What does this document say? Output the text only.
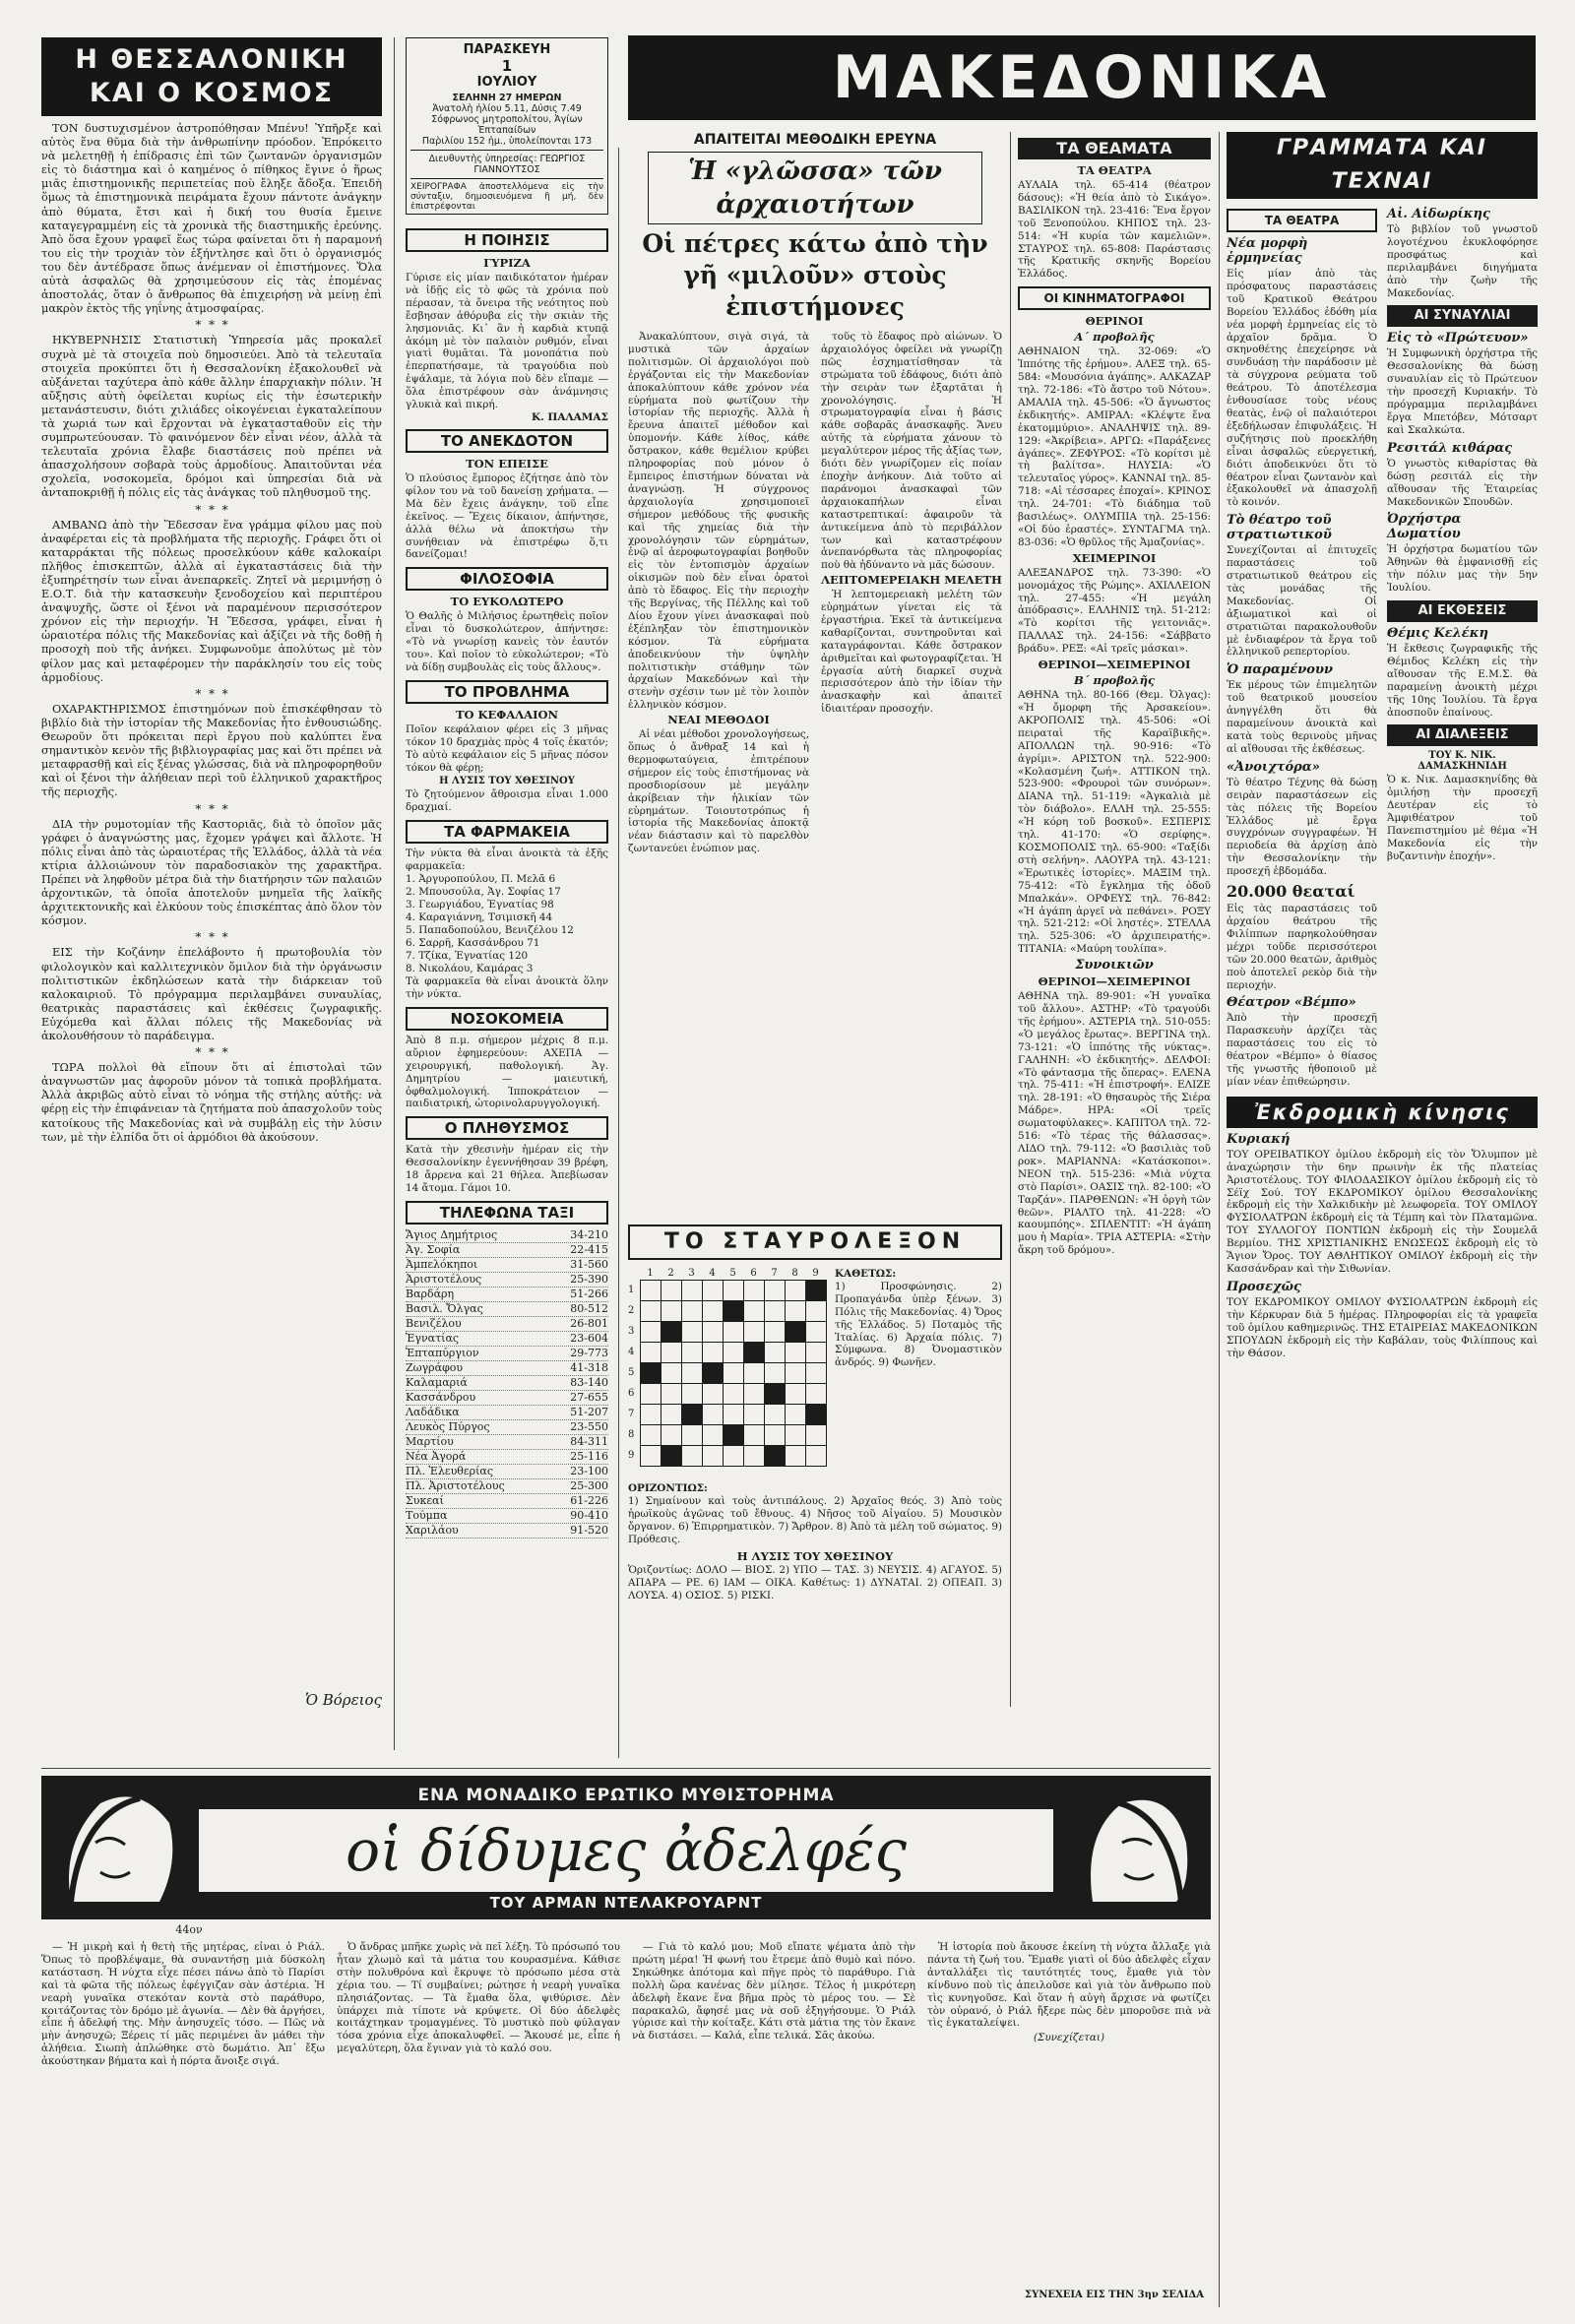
Η ΘΕΣΣΑΛΟΝΙΚΗ ΚΑΙ Ο ΚΟΣΜΟΣ

ΤΟΝ δυστυχισμένον ἀστροπόθησαν Μπένυ! Ὑπῆρξε καὶ αὐτὸς ἕνα θῦμα διὰ τὴν ἀνθρωπίνην πρόοδον. Ἐπρόκειτο νὰ μελετηθῇ ἡ ἐπίδρασις ἐπὶ τῶν ζωντανῶν ὀργανισμῶν εἰς τὸ διάστημα καὶ ὁ καημένος ὁ πίθηκος ἔγινε ὁ ἥρως μιᾶς ἐπιστημονικῆς περιπετείας ποὺ ἔληξε ἄδοξα. Ἐπειδὴ ὅμως τὰ ἐπιστημονικὰ πειράματα ἔχουν πάντοτε ἀνάγκην ἀπὸ θύματα, ἔτσι καὶ ἡ δική του θυσία ἔμεινε καταγεγραμμένη εἰς τὰ χρονικὰ τῆς διαστημικῆς ἐρεύνης. Ἀπὸ ὅσα ἔχουν γραφεῖ ἕως τώρα φαίνεται ὅτι ἡ παραμονή του εἰς τὴν τροχιὰν τὸν ἐξήντλησε καὶ ὅτι ὁ ὀργανισμός του δὲν ἀντέδρασε ὅπως ἀνέμεναν οἱ ἐπιστήμονες. Ὅλα αὐτὰ ἀσφαλῶς θὰ χρησιμεύσουν εἰς τὰς ἑπομένας ἀποστολάς, ὅταν ὁ ἄνθρωπος θὰ ἐπιχειρήσῃ νὰ μείνῃ ἐπὶ μακρὸν ἐκτὸς τῆς γηΐνης ἀτμοσφαίρας.

*  *  *

ΗΚΥΒΕΡΝΗΣΙΣ Στατιστικὴ Ὑπηρεσία μᾶς προκαλεῖ συχνὰ μὲ τὰ στοιχεῖα ποὺ δημοσιεύει. Ἀπὸ τὰ τελευταῖα στοιχεῖα προκύπτει ὅτι ἡ Θεσσαλονίκη ἐξακολουθεῖ νὰ αὐξάνεται ταχύτερα ἀπὸ κάθε ἄλλην ἐπαρχιακὴν πόλιν. Ἡ αὔξησις αὐτὴ ὀφείλεται κυρίως εἰς τὴν ἐσωτερικὴν μετανάστευσιν, διότι χιλιάδες οἰκογένειαι ἐγκαταλείπουν τὰ χωριά των καὶ ἔρχονται νὰ ἐγκατασταθοῦν εἰς τὴν συμπρωτεύουσαν. Τὸ φαινόμενον δὲν εἶναι νέον, ἀλλὰ τὰ τελευταῖα χρόνια ἔλαβε διαστάσεις ποὺ πρέπει νὰ ἀπασχολήσουν σοβαρὰ τοὺς ἁρμοδίους. Ἀπαιτοῦνται νέα σχολεῖα, νοσοκομεῖα, δρόμοι καὶ ὑπηρεσίαι διὰ νὰ ἀνταποκριθῇ ἡ πόλις εἰς τὰς ἀνάγκας τοῦ πληθυσμοῦ της.

*  *  *

ΑΜΒΑΝΩ ἀπὸ τὴν Ἕδεσσαν ἕνα γράμμα φίλου μας ποὺ ἀναφέρεται εἰς τὰ προβλήματα τῆς περιοχῆς. Γράφει ὅτι οἱ καταρράκται τῆς πόλεως προσελκύουν κάθε καλοκαίρι πλῆθος ἐπισκεπτῶν, ἀλλὰ αἱ ἐγκαταστάσεις διὰ τὴν ἐξυπηρέτησίν των εἶναι ἀνεπαρκεῖς. Ζητεῖ νὰ μεριμνήσῃ ὁ Ε.Ο.Τ. διὰ τὴν κατασκευὴν ξενοδοχείου καὶ περιπτέρου ἀναψυχῆς, ὥστε οἱ ξένοι νὰ παραμένουν περισσότερον χρόνον εἰς τὴν περιοχήν. Ἡ Ἕδεσσα, γράφει, εἶναι ἡ ὡραιοτέρα πόλις τῆς Μακεδονίας καὶ ἀξίζει νὰ τῆς δοθῇ ἡ προσοχὴ ποὺ τῆς ἀνήκει. Συμφωνοῦμε ἀπολύτως μὲ τὸν φίλον μας καὶ μεταφέρομεν τὴν παράκλησίν του εἰς τοὺς ἁρμοδίους.

*  *  *

ΟΧΑΡΑΚΤΗΡΙΣΜΟΣ ἐπιστημόνων ποὺ ἐπισκέφθησαν τὸ βιβλίο διὰ τὴν ἱστορίαν τῆς Μακεδονίας ἦτο ἐνθουσιώδης. Θεωροῦν ὅτι πρόκειται περὶ ἔργου ποὺ καλύπτει ἕνα σημαντικὸν κενὸν τῆς βιβλιογραφίας μας καὶ ὅτι πρέπει νὰ μεταφρασθῇ καὶ εἰς ξένας γλώσσας, διὰ νὰ πληροφορηθοῦν καὶ οἱ ξένοι τὴν ἀλήθειαν περὶ τοῦ ἑλληνικοῦ χαρακτῆρος τῆς περιοχῆς.

*  *  *

ΔΙΑ τὴν ρυμοτομίαν τῆς Καστοριᾶς, διὰ τὸ ὁποῖον μᾶς γράφει ὁ ἀναγνώστης μας, ἔχομεν γράψει καὶ ἄλλοτε. Ἡ πόλις εἶναι ἀπὸ τὰς ὡραιοτέρας τῆς Ἑλλάδος, ἀλλὰ τὰ νέα κτίρια ἀλλοιώνουν τὸν παραδοσιακὸν της χαρακτῆρα. Πρέπει νὰ ληφθοῦν μέτρα διὰ τὴν διατήρησιν τῶν παλαιῶν ἀρχοντικῶν, τὰ ὁποῖα ἀποτελοῦν μνημεῖα τῆς λαϊκῆς ἀρχιτεκτονικῆς καὶ ἐλκύουν τοὺς ἐπισκέπτας ἀπὸ ὅλον τὸν κόσμον.

*  *  *

ΕΙΣ τὴν Κοζάνην ἐπελάβοντο ἡ πρωτοβουλία τὸν φιλολογικὸν καὶ καλλιτεχνικὸν ὅμιλον διὰ τὴν ὀργάνωσιν πολιτιστικῶν ἐκδηλώσεων κατὰ τὴν διάρκειαν τοῦ καλοκαιριοῦ. Τὸ πρόγραμμα περιλαμβάνει συναυλίας, θεατρικὰς παραστάσεις καὶ ἐκθέσεις ζωγραφικῆς. Εὐχόμεθα καὶ ἄλλαι πόλεις τῆς Μακεδονίας νὰ ἀκολουθήσουν τὸ παράδειγμα.

*  *  *

ΤΩΡΑ πολλοὶ θὰ εἴπουν ὅτι αἱ ἐπιστολαὶ τῶν ἀναγνωστῶν μας ἀφοροῦν μόνον τὰ τοπικὰ προβλήματα. Ἀλλὰ ἀκριβῶς αὐτὸ εἶναι τὸ νόημα τῆς στήλης αὐτῆς: νὰ φέρῃ εἰς τὴν ἐπιφάνειαν τὰ ζητήματα ποὺ ἀπασχολοῦν τοὺς κατοίκους τῆς Μακεδονίας καὶ νὰ συμβάλῃ εἰς τὴν λύσιν των, μὲ τὴν ἐλπίδα ὅτι οἱ ἁρμόδιοι θὰ ἀκούσουν.

Ὁ Βόρειος
ΠΑΡΑΣΚΕΥΗ
1
ΙΟΥΛΙΟΥ
ΣΕΛΗΝΗ 27 ΗΜΕΡΩΝ
Ἀνατολὴ ἡλίου 5.11, Δύσις 7.49
Σόφρωνος μητροπολίτου, Ἀγίων Ἑπταπαίδων
Παρ̀ιλίου 152 ἡμ., ὑπολείπονται 173
Διευθυντὴς ὑπηρεσίας: ΓΕΩΡΓΙΟΣ ΓΙΑΝΝΟΥΤΣΟΣ
ΧΕΙΡΟΓΡΑΦΑ ἀποστελλόμενα εἰς τὴν σύνταξιν, δημοσιευόμενα ἢ μή, δὲν ἐπιστρέφονται
Η ΠΟΙΗΣΙΣ
ΓΥΡΙΖΑ
Γύρισε εἰς μίαν παιδικότατον ἡμέραν νὰ ἰδῇς εἰς τὸ φῶς τὰ χρόνια ποὺ πέρασαν, τὰ ὄνειρα τῆς νεότητος ποὺ ἔσβησαν ἀθόρυβα εἰς τὴν σκιὰν τῆς λησμονιᾶς. Κι᾿ ἂν ἡ καρδιὰ κτυπᾷ ἀκόμη μὲ τὸν παλαιὸν ρυθμόν, εἶναι γιατὶ θυμᾶται. Τὰ μονοπάτια ποὺ ἐπερπατήσαμε, τὰ τραγούδια ποὺ ἐψάλαμε, τὰ λόγια ποὺ δὲν εἴπαμε — ὅλα ἐπιστρέφουν σὰν ἀνάμνησις γλυκιὰ καὶ πικρή.
Κ. ΠΑΛΑΜΑΣ
ΤΟ ΑΝΕΚΔΟΤΟΝ
ΤΟΝ ΕΠΕΙΣΕ
Ὁ πλούσιος ἔμπορος ἐζήτησε ἀπὸ τὸν φίλον του νὰ τοῦ δανείσῃ χρήματα. — Μὰ δὲν ἔχεις ἀνάγκην, τοῦ εἶπε ἐκεῖνος. — Ἔχεις δίκαιον, ἀπήντησε, ἀλλὰ θέλω νὰ ἀποκτήσω τὴν συνήθειαν νὰ ἐπιστρέφω ὅ,τι δανείζομαι!
ΦΙΛΟΣΟΦΙΑ
ΤΟ ΕΥΚΟΛΩΤΕΡΟ
Ὁ Θαλῆς ὁ Μιλήσιος ἐρωτηθεὶς ποῖον εἶναι τὸ δυσκολώτερον, ἀπήντησε: «Τὸ νὰ γνωρίσῃ κανεὶς τὸν ἑαυτόν του». Καὶ ποῖον τὸ εὐκολώτερον; «Τὸ νὰ δίδῃ συμβουλὰς εἰς τοὺς ἄλλους».
ΤΟ ΠΡΟΒΛΗΜΑ
ΤΟ ΚΕΦΑΛΑΙΟΝ
Ποῖον κεφάλαιον φέρει εἰς 3 μῆνας τόκον 10 δραχμὰς πρὸς 4 τοῖς ἑκατόν; Τὸ αὐτὸ κεφάλαιον εἰς 5 μῆνας πόσον τόκον θὰ φέρῃ;
Η ΛΥΣΙΣ ΤΟΥ ΧΘΕΣΙΝΟΥ
Τὸ ζητούμενον ἄθροισμα εἶναι 1.000 δραχμαί.
ΤΑ ΦΑΡΜΑΚΕΙΑ
Τὴν νύκτα θὰ εἶναι ἀνοικτὰ τὰ ἑξῆς φαρμακεῖα:
1. Ἀργυροπούλου, Π. Μελᾶ 6
2. Μπουσούλα, Ἁγ. Σοφίας 17
3. Γεωργιάδου, Ἐγνατίας 98
4. Καραγιάννη, Τσιμισκῆ 44
5. Παπαδοπούλου, Βενιζέλου 12
6. Σαρρῆ, Κασσάνδρου 71
7. Τζίκα, Ἐγνατίας 120
8. Νικολάου, Καμάρας 3
Τὰ φαρμακεῖα θὰ εἶναι ἀνοικτὰ ὅλην τὴν νύκτα.
ΝΟΣΟΚΟΜΕΙΑ
Ἀπὸ 8 π.μ. σήμερον μέχρις 8 π.μ. αὔριον ἐφημερεύουν: ΑΧΕΠΑ — χειρουργική, παθολογική. Ἁγ. Δημητρίου — μαιευτική, ὀφθαλμολογική. Ἱπποκράτειον — παιδιατρική, ὠτορινολαρυγγολογική.
Ο ΠΛΗΘΥΣΜΟΣ
Κατὰ τὴν χθεσινὴν ἡμέραν εἰς τὴν Θεσσαλονίκην ἐγεννήθησαν 39 βρέφη, 18 ἄρρενα καὶ 21 θήλεα. Ἀπεβίωσαν 14 ἄτομα. Γάμοι 10.
ΤΗΛΕΦΩΝΑ ΤΑΞΙ
Ἄγιος Δημήτριος	34-210
Ἀγ. Σοφία	22-415
Ἀμπελόκηποι	31-560
Ἀριστοτέλους	25-390
Βαρδάρη	51-266
Βασιλ. Ὄλγας	80-512
Βενιζέλου	26-801
Ἐγνατίας	23-604
Ἑπταπύργιον	29-773
Ζωγράφου	41-318
Καλαμαριά	83-140
Κασσάνδρου	27-655
Λαδάδικα	51-207
Λευκὸς Πύργος	23-550
Μαρτίου	84-311
Νέα Ἀγορά	25-116
Πλ. Ἐλευθερίας	23-100
Πλ. Ἀριστοτέλους	25-300
Συκεαί	61-226
Τούμπα	90-410
Χαριλάου	91-520
ΜΑΚΕΔΟΝΙΚΑ
ΑΠΑΙΤΕΙΤΑΙ ΜΕΘΟΔΙΚΗ ΕΡΕΥΝΑ
Ἡ «γλῶσσα» τῶν ἀρχαιοτήτων
Οἱ πέτρες κάτω ἀπὸ τὴν γῆ «μιλοῦν» στοὺς ἐπιστήμονες

Ἀνακαλύπτουν, σιγὰ σιγά, τὰ μυστικὰ τῶν ἀρχαίων πολιτισμῶν. Οἱ ἀρχαιολόγοι ποὺ ἐργάζονται εἰς τὴν Μακεδονίαν ἀποκαλύπτουν κάθε χρόνον νέα εὑρήματα ποὺ φωτίζουν τὴν ἱστορίαν τῆς περιοχῆς. Ἀλλὰ ἡ ἔρευνα ἀπαιτεῖ μέθοδον καὶ ὑπομονήν. Κάθε λίθος, κάθε ὄστρακον, κάθε θεμέλιον κρύβει πληροφορίας ποὺ μόνον ὁ ἔμπειρος ἐπιστήμων δύναται νὰ ἀναγνώσῃ. Ἡ σύγχρονος ἀρχαιολογία χρησιμοποιεῖ σήμερον μεθόδους τῆς φυσικῆς καὶ τῆς χημείας διὰ τὴν χρονολόγησιν τῶν εὑρημάτων, ἐνῷ αἱ ἀεροφωτογραφίαι βοηθοῦν εἰς τὸν ἐντοπισμὸν ἀρχαίων οἰκισμῶν ποὺ δὲν εἶναι ὁρατοὶ ἀπὸ τὸ ἔδαφος. Εἰς τὴν περιοχὴν τῆς Βεργίνας, τῆς Πέλλης καὶ τοῦ Δίου ἔχουν γίνει ἀνασκαφαὶ ποὺ ἐξέπληξαν τὸν ἐπιστημονικὸν κόσμον. Τὰ εὑρήματα ἀποδεικνύουν τὴν ὑψηλὴν πολιτιστικὴν στάθμην τῶν ἀρχαίων Μακεδόνων καὶ τὴν στενὴν σχέσιν των μὲ τὸν λοιπὸν ἑλληνικὸν κόσμον.

ΝΕΑΙ ΜΕΘΟΔΟΙ

Αἱ νέαι μέθοδοι χρονολογήσεως, ὅπως ὁ ἄνθραξ 14 καὶ ἡ θερμοφωταύγεια, ἐπιτρέπουν σήμερον εἰς τοὺς ἐπιστήμονας νὰ προσδιορίσουν μὲ μεγάλην ἀκρίβειαν τὴν ἡλικίαν τῶν εὑρημάτων. Τοιουτοτρόπως ἡ ἱστορία τῆς Μακεδονίας ἀποκτᾷ νέαν διάστασιν καὶ τὸ παρελθὸν ζωντανεύει ἐνώπιον μας.

τοῦς τὸ ἔδαφος πρὸ αἰώνων. Ὁ ἀρχαιολόγος ὀφείλει νὰ γνωρίζῃ πῶς ἐσχηματίσθησαν τὰ στρώματα τοῦ ἐδάφους, διότι ἀπὸ τὴν σειρὰν των ἐξαρτᾶται ἡ χρονολόγησις. Ἡ στρωματογραφία εἶναι ἡ βάσις κάθε σοβαρᾶς ἀνασκαφῆς. Ἄνευ αὐτῆς τὰ εὑρήματα χάνουν τὸ μεγαλύτερον μέρος τῆς ἀξίας των, διότι δὲν γνωρίζομεν εἰς ποίαν ἐποχὴν ἀνήκουν. Διὰ τοῦτο αἱ παράνομοι ἀνασκαφαὶ τῶν ἀρχαιοκαπήλων εἶναι καταστρεπτικαί: ἀφαιροῦν τὰ ἀντικείμενα ἀπὸ τὸ περιβάλλον των καὶ καταστρέφουν ἀνεπανόρθωτα τὰς πληροφορίας ποὺ θὰ ἠδύναντο νὰ μᾶς δώσουν.

ΛΕΠΤΟΜΕΡΕΙΑΚΗ ΜΕΛΕΤΗ

Ἡ λεπτομερειακὴ μελέτη τῶν εὑρημάτων γίνεται εἰς τὰ ἐργαστήρια. Ἐκεῖ τὰ ἀντικείμενα καθαρίζονται, συντηροῦνται καὶ καταγράφονται. Κάθε ὄστρακον ἀριθμεῖται καὶ φωτογραφίζεται. Ἡ ἐργασία αὐτὴ διαρκεῖ συχνὰ περισσότερον ἀπὸ τὴν ἰδίαν τὴν ἀνασκαφὴν καὶ ἀπαιτεῖ ἰδιαιτέραν προσοχήν.

ΤΟ ΣΤΑΥΡΟΛΕΞΟΝ
1
1
2
2
3
3
4
4
5
5
6
6
7
7
8
8
9
9
ΚΑΘΕΤΩΣ:
1) Προσφώνησις. 2) Προπαγάνδα ὑπὲρ ξένων. 3) Πόλις τῆς Μακεδονίας. 4) Ὄρος τῆς Ἑλλάδος. 5) Ποταμὸς τῆς Ἰταλίας. 6) Ἀρχαία πόλις. 7) Σύμφωνα. 8) Ὀνομαστικὸν ἀνδρός. 9) Φωνῆεν.
ΟΡΙΖΟΝΤΙΩΣ:
1) Σημαίνουν καὶ τοὺς ἀντιπάλους. 2) Ἀρχαῖος θεός. 3) Ἀπὸ τοὺς ἡρωϊκοὺς ἀγῶνας τοῦ ἔθνους. 4) Νῆσος τοῦ Αἰγαίου. 5) Μουσικὸν ὄργανον. 6) Ἐπιρρηματικὸν. 7) Ἄρθρον. 8) Ἀπὸ τὰ μέλη τοῦ σώματος. 9) Πρόθεσις.
Η ΛΥΣΙΣ ΤΟΥ ΧΘΕΣΙΝΟΥ
Ὁριζοντίως: ΔΟΛΟ — ΒΙΟΣ. 2) ΥΠΟ — ΤΑΣ. 3) ΝΕΥΣΙΣ. 4) ΑΓΑΥΟΣ. 5) ΑΠΑΡΑ — ΡΕ. 6) ΙΑΜ — ΟΙΚΑ. Καθέτως: 1) ΔΥΝΑΤΑΙ. 2) ΟΠΕΑΠ. 3) ΛΟΥΣΑ. 4) ΟΣΙΟΣ. 5) ΡΙΣΚΙ.
ΤΑ ΘΕΑΜΑΤΑ
ΤΑ ΘΕΑΤΡΑ
ΑΥΛΑΙΑ τηλ. 65-414 (θέατρον δάσους): «Ἡ θεία ἀπὸ τὸ Σικάγο». ΒΑΣΙΛΙΚΟΝ τηλ. 23-416: Ἕνα ἔργον τοῦ Ξενοπούλου. ΚΗΠΟΣ τηλ. 23-514: «Ἡ κυρία τῶν καμελιῶν». ΣΤΑΥΡΟΣ τηλ. 65-808: Παράστασις τῆς Κρατικῆς σκηνῆς Βορείου Ἑλλάδος.
ΟΙ ΚΙΝΗΜΑΤΟΓΡΑΦΟΙ
ΘΕΡΙΝΟΙ
Α΄ προβολῆς
ΑΘΗΝΑΙΟΝ τηλ. 32-069: «Ὁ Ἰππότης τῆς ἐρήμου». ΑΛΕΞ τηλ. 65-584: «Μουσόνια ἀγάπης». ΑΛΚΑΖΑΡ τηλ. 72-186: «Τὸ ἄστρο τοῦ Νότου». ΑΜΑΛΙΑ τηλ. 45-506: «Ὁ ἄγνωστος ἐκδικητής». ΑΜΙΡΑΛ: «Κλέψτε ἕνα ἑκατομμύριο». ΑΝΑΛΗΨΙΣ τηλ. 89-129: «Ἀκρίβεια». ΑΡΓΩ: «Παράξενες ἀγάπες». ΖΕΦΥΡΟΣ: «Τὸ κορίτσι μὲ τὴ βαλίτσα». ΗΛΥΣΙΑ: «Ὁ τελευταῖος γύρος». ΚΑΝΝΑΙ τηλ. 85-718: «Αἱ τέσσαρες ἐποχαί». ΚΡΙΝΟΣ τηλ. 24-701: «Τὸ διάδημα τοῦ βασιλέως». ΟΛΥΜΠΙΑ τηλ. 25-156: «Οἱ δύο ἐραστές». ΣΥΝΤΑΓΜΑ τηλ. 83-036: «Ὁ θρῦλος τῆς Ἀμαζονίας».
ΧΕΙΜΕΡΙΝΟΙ
ΑΛΕΞΑΝΔΡΟΣ τηλ. 73-390: «Ὁ μονομάχος τῆς Ρώμης». ΑΧΙΛΛΕΙΟΝ τηλ. 27-455: «Ἡ μεγάλη ἀπόδρασις». ΕΛΛΗΝΙΣ τηλ. 51-212: «Τὸ κορίτσι τῆς γειτονιᾶς». ΠΑΛΛΑΣ τηλ. 24-156: «Σάββατο βράδυ». ΡΕΞ: «Αἱ τρεῖς μάσκαι».
ΘΕΡΙΝΟΙ—ΧΕΙΜΕΡΙΝΟΙ
Β΄ προβολῆς
ΑΘΗΝΑ τηλ. 80-166 (Θεμ. Ὀλγας): «Ἡ ὄμορφη τῆς Ἀρσακείου». ΑΚΡΟΠΟΛΙΣ τηλ. 45-506: «Οἱ πειραταὶ τῆς Καραϊβικῆς». ΑΠΟΛΛΩΝ τηλ. 90-916: «Τὸ ἀγρίμι». ΑΡΙΣΤΟΝ τηλ. 522-900: «Κολασμένη ζωή». ΑΤΤΙΚΟΝ τηλ. 523-900: «Φρουροὶ τῶν συνόρων». ΔΙΑΝΑ τηλ. 51-119: «Ἀγκαλιὰ μὲ τὸν διάβολο». ΕΛΛΗ τηλ. 25-555: «Ἡ κόρη τοῦ βοσκοῦ». ΕΣΠΕΡΙΣ τηλ. 41-170: «Ὁ σερίφης». ΚΟΣΜΟΠΟΛΙΣ τηλ. 65-900: «Ταξίδι στὴ σελήνη». ΛΑΟΥΡΑ τηλ. 43-121: «Ἐρωτικὲς ἱστορίες». ΜΑΞΙΜ τηλ. 75-412: «Τὸ ἔγκλημα τῆς ὁδοῦ Μπαλκάν». ΟΡΦΕΥΣ τηλ. 76-842: «Ἡ ἀγάπη ἀργεῖ νὰ πεθάνει». ΡΟΞΥ τηλ. 521-212: «Οἱ ληστές». ΣΤΕΛΛΑ τηλ. 525-306: «Ὁ ἀρχιπειρατής». ΤΙΤΑΝΙΑ: «Μαύρη τουλίπα».
Συνοικιῶν
ΘΕΡΙΝΟΙ—ΧΕΙΜΕΡΙΝΟΙ
ΑΘΗΝΑ τηλ. 89-901: «Ἡ γυναῖκα τοῦ ἄλλου». ΑΣΤΗΡ: «Τὸ τραγούδι τῆς ἐρήμου». ΑΣΤΕΡΙΑ τηλ. 510-055: «Ὁ μεγάλος ἔρωτας». ΒΕΡΓΙΝΑ τηλ. 73-121: «Ὁ ἱππότης τῆς νύκτας». ΓΑΛΗΝΗ: «Ὁ ἐκδικητής». ΔΕΛΦΟΙ: «Τὸ φάντασμα τῆς ὄπερας». ΕΛΕΝΑ τηλ. 75-411: «Ἡ ἐπιστροφή». ΕΛΙΖΕ τηλ. 28-191: «Ὁ θησαυρὸς τῆς Σιέρα Μάδρε». ΗΡΑ: «Οἱ τρεῖς σωματοφύλακες». ΚΑΠΙΤΟΛ τηλ. 72-516: «Τὸ τέρας τῆς θάλασσας». ΛΙΔΟ τηλ. 79-112: «Ὁ βασιλιὰς τοῦ ροκ». ΜΑΡΙΑΝΝΑ: «Κατάσκοποι». ΝΕΟΝ τηλ. 515-236: «Μιὰ νύχτα στὸ Παρίσι». ΟΑΣΙΣ τηλ. 82-100: «Ὁ Ταρζάν». ΠΑΡΘΕΝΩΝ: «Ἡ ὀργὴ τῶν θεῶν». ΡΙΑΛΤΟ τηλ. 41-228: «Ὁ καουμπόης». ΣΠΛΕΝΤΙΤ: «Ἡ ἀγάπη μου ἡ Μαρία». ΤΡΙΑ ΑΣΤΕΡΙΑ: «Στὴν ἄκρη τοῦ δρόμου».
ΣΥΝΕΧΕΙΑ ΕΙΣ ΤΗΝ 3ην ΣΕΛΙΔΑ
ΓΡΑΜΜΑΤΑ ΚΑΙ ΤΕΧΝΑΙ
ΤΑ ΘΕΑΤΡΑ
Νέα μορφὴ ἑρμηνείας
Εἰς μίαν ἀπὸ τὰς πρόσφατους παραστάσεις τοῦ Κρατικοῦ Θεάτρου Βορείου Ἑλλάδος ἐδόθη μία νέα μορφὴ ἑρμηνείας εἰς τὸ ἀρχαῖον δρᾶμα. Ὁ σκηνοθέτης ἐπεχείρησε νὰ συνδυάσῃ τὴν παράδοσιν μὲ τὰ σύγχρονα ρεύματα τοῦ θεάτρου. Τὸ ἀποτέλεσμα ἐνθουσίασε τοὺς νέους θεατὰς, ἐνῷ οἱ παλαιότεροι ἐξεδήλωσαν ἐπιφυλάξεις. Ἡ συζήτησις ποὺ προεκλήθη εἶναι ἀσφαλῶς εὐεργετική, διότι ἀποδεικνύει ὅτι τὸ θέατρον εἶναι ζωντανὸν καὶ ἐξακολουθεῖ νὰ ἀπασχολῇ τὸ κοινόν.
Τὸ θέατρο τοῦ στρατιωτικοῦ
Συνεχίζονται αἱ ἐπιτυχεῖς παραστάσεις τοῦ στρατιωτικοῦ θεάτρου εἰς τὰς μονάδας τῆς Μακεδονίας. Οἱ ἀξιωματικοὶ καὶ οἱ στρατιῶται παρακολουθοῦν μὲ ἐνδιαφέρον τὰ ἔργα τοῦ ἑλληνικοῦ ρεπερτορίου.
Ὁ παραμένουν
Ἐκ μέρους τῶν ἐπιμελητῶν τοῦ θεατρικοῦ μουσείου ἀνηγγέλθη ὅτι θὰ παραμείνουν ἀνοικτὰ καὶ κατὰ τοὺς θερινοὺς μῆνας αἱ αἴθουσαι τῆς ἐκθέσεως.
«Ἀνοιχτόρα»
Τὸ θέατρο Τέχνης θὰ δώσῃ σειρὰν παραστάσεων εἰς τὰς πόλεις τῆς Βορείου Ἑλλάδος μὲ ἔργα συγχρόνων συγγραφέων. Ἡ περιοδεία θὰ ἀρχίσῃ ἀπὸ τὴν Θεσσαλονίκην τὴν προσεχῆ ἑβδομάδα.
20.000 θεαταί
Εἰς τὰς παραστάσεις τοῦ ἀρχαίου θεάτρου τῆς Φιλίππων παρηκολούθησαν μέχρι τοῦδε περισσότεροι τῶν 20.000 θεατῶν, ἀριθμὸς ποὺ ἀποτελεῖ ρεκὸρ διὰ τὴν περιοχήν.
Θέατρον «Βέμπο»
Ἀπὸ τὴν προσεχῆ Παρασκευὴν ἀρχίζει τὰς παραστάσεις του εἰς τὸ θέατρον «Βέμπο» ὁ θίασος τῆς γνωστῆς ἠθοποιοῦ μὲ μίαν νέαν ἐπιθεώρησιν.
Αἰ. Αἰδωρίκης
Τὸ βιβλίον τοῦ γνωστοῦ λογοτέχνου ἐκυκλοφόρησε προσφάτως καὶ περιλαμβάνει διηγήματα ἀπὸ τὴν ζωὴν τῆς Μακεδονίας.
ΑΙ ΣΥΝΑΥΛΙΑΙ
Εἰς τὸ «Πρώτευον»
Ἡ Συμφωνικὴ ὀρχήστρα τῆς Θεσσαλονίκης θὰ δώσῃ συναυλίαν εἰς τὸ Πρώτευον τὴν προσεχῆ Κυριακήν. Τὸ πρόγραμμα περιλαμβάνει ἔργα Μπετόβεν, Μότσαρτ καὶ Σκαλκώτα.
Ρεσιτάλ κιθάρας
Ὁ γνωστὸς κιθαρίστας θὰ δώσῃ ρεσιτάλ εἰς τὴν αἴθουσαν τῆς Ἑταιρείας Μακεδονικῶν Σπουδῶν.
Ὀρχήστρα Δωματίου
Ἡ ὀρχήστρα δωματίου τῶν Ἀθηνῶν θὰ ἐμφανισθῇ εἰς τὴν πόλιν μας τὴν 5ην Ἰουλίου.
ΑΙ ΕΚΘΕΣΕΙΣ
Θέμις Κελέκη
Ἡ ἔκθεσις ζωγραφικῆς τῆς Θέμιδος Κελέκη εἰς τὴν αἴθουσαν τῆς Ε.Μ.Σ. θὰ παραμείνῃ ἀνοικτὴ μέχρι τῆς 10ης Ἰουλίου. Τὰ ἔργα ἀποσποῦν ἐπαίνους.
ΑΙ ΔΙΑΛΕΞΕΙΣ
ΤΟΥ Κ. ΝΙΚ. ΔΑΜΑΣΚΗΝΙΔΗ
Ὁ κ. Νικ. Δαμασκηνίδης θὰ ὁμιλήσῃ τὴν προσεχῆ Δευτέραν εἰς τὸ Ἀμφιθέατρον τοῦ Πανεπιστημίου μὲ θέμα «Ἡ Μακεδονία εἰς τὴν βυζαντινὴν ἐποχήν».
Ἐκδρομικὴ κίνησις
Κυριακή
ΤΟΥ ΟΡΕΙΒΑΤΙΚΟΥ ὁμίλου ἐκδρομὴ εἰς τὸν Ὄλυμπον μὲ ἀναχώρησιν τὴν 6ην πρωινὴν ἐκ τῆς πλατείας Ἀριστοτέλους. ΤΟΥ ΦΙΛΟΔΑΣΙΚΟΥ ὁμίλου ἐκδρομὴ εἰς τὸ Σέϊχ Σού. ΤΟΥ ΕΚΔΡΟΜΙΚΟΥ ὁμίλου Θεσσαλονίκης ἐκδρομὴ εἰς τὴν Χαλκιδικὴν μὲ λεωφορεῖα. ΤΟΥ ΟΜΙΛΟΥ ΦΥΣΙΟΛΑΤΡΩΝ ἐκδρομὴ εἰς τὰ Τέμπη καὶ τὸν Πλαταμῶνα. ΤΟΥ ΣΥΛΛΟΓΟΥ ΠΟΝΤΙΩΝ ἐκδρομὴ εἰς τὴν Σουμελᾶ Βερμίου. ΤΗΣ ΧΡΙΣΤΙΑΝΙΚΗΣ ΕΝΩΣΕΩΣ ἐκδρομὴ εἰς τὸ Ἅγιον Ὄρος. ΤΟΥ ΑΘΛΗΤΙΚΟΥ ΟΜΙΛΟΥ ἐκδρομὴ εἰς τὴν Κασσάνδραν καὶ τὴν Σιθωνίαν.
Προσεχῶς
ΤΟΥ ΕΚΔΡΟΜΙΚΟΥ ΟΜΙΛΟΥ ΦΥΣΙΟΛΑΤΡΩΝ ἐκδρομὴ εἰς τὴν Κέρκυραν διὰ 5 ἡμέρας. Πληροφορίαι εἰς τὰ γραφεῖα τοῦ ὁμίλου καθημερινῶς. ΤΗΣ ΕΤΑΙΡΕΙΑΣ ΜΑΚΕΔΟΝΙΚΩΝ ΣΠΟΥΔΩΝ ἐκδρομὴ εἰς τὴν Καβάλαν, τοὺς Φιλίππους καὶ τὴν Θάσον.
ΕΝΑ ΜΟΝΑΔΙΚΟ ΕΡΩΤΙΚΟ ΜΥΘΙΣΤΟΡΗΜΑ
οἱ δίδυμες ἀδελφές
ΤΟΥ ΑΡΜΑΝ ΝΤΕΛΑΚΡΟΥΑΡΝΤ
44ον

— Ἡ μικρὴ καὶ ἡ θετὴ τῆς μητέρας, εἶναι ὁ Ριάλ. Ὅπως τὸ προβλέψαμε, θὰ συναντήσῃ μιὰ δύσκολη κατάσταση. Ἡ νύχτα εἶχε πέσει πάνω ἀπὸ τὸ Παρίσι καὶ τὰ φῶτα τῆς πόλεως ἐφέγγιζαν σὰν ἀστέρια. Ἡ νεαρὴ γυναῖκα στεκόταν κοντὰ στὸ παράθυρο, κοιτάζοντας τὸν δρόμο μὲ ἀγωνία. — Δὲν θὰ ἀργήσει, εἶπε ἡ ἀδελφή της. Μὴν ἀνησυχεῖς τόσο. — Πῶς νὰ μὴν ἀνησυχῶ; Ξέρεις τί μᾶς περιμένει ἂν μάθει τὴν ἀλήθεια. Σιωπὴ ἁπλώθηκε στὸ δωμάτιο. Ἀπ᾿ ἔξω ἀκούστηκαν βήματα καὶ ἡ πόρτα ἄνοιξε σιγά.

Ὁ ἄνδρας μπῆκε χωρὶς νὰ πεῖ λέξη. Τὸ πρόσωπό του ἦταν χλωμὸ καὶ τὰ μάτια του κουρασμένα. Κάθισε στὴν πολυθρόνα καὶ ἔκρυψε τὸ πρόσωπο μέσα στὰ χέρια του. — Τί συμβαίνει; ρώτησε ἡ νεαρὴ γυναῖκα πλησιάζοντας. — Τὰ ἔμαθα ὅλα, ψιθύρισε. Δὲν ὑπάρχει πιὰ τίποτε νὰ κρύψετε. Οἱ δύο ἀδελφὲς κοιτάχτηκαν τρομαγμένες. Τὸ μυστικὸ ποὺ φύλαγαν τόσα χρόνια εἶχε ἀποκαλυφθεῖ. — Ἄκουσέ με, εἶπε ἡ μεγαλύτερη, ὅλα ἔγιναν γιὰ τὸ καλό σου.

— Γιὰ τὸ καλό μου; Μοῦ εἴπατε ψέματα ἀπὸ τὴν πρώτη μέρα! Ἡ φωνή του ἔτρεμε ἀπὸ θυμὸ καὶ πόνο. Σηκώθηκε ἀπότομα καὶ πῆγε πρὸς τὸ παράθυρο. Γιὰ πολλὴ ὥρα κανένας δὲν μίλησε. Τέλος ἡ μικρότερη ἀδελφὴ ἔκανε ἕνα βῆμα πρὸς τὸ μέρος του. — Σὲ παρακαλῶ, ἄφησέ μας νὰ σοῦ ἐξηγήσουμε. Ὁ Ριάλ γύρισε καὶ τὴν κοίταξε. Κάτι στὰ μάτια της τὸν ἔκανε νὰ διστάσει. — Καλά, εἶπε τελικά. Σᾶς ἀκούω.

Ἡ ἱστορία ποὺ ἄκουσε ἐκείνη τὴ νύχτα ἄλλαξε γιὰ πάντα τὴ ζωή του. Ἔμαθε γιατὶ οἱ δύο ἀδελφὲς εἶχαν ἀνταλλάξει τὶς ταυτότητές τους, ἔμαθε γιὰ τὸν κίνδυνο ποὺ τὶς ἀπειλοῦσε καὶ γιὰ τὸν ἄνθρωπο ποὺ τὶς κυνηγοῦσε. Καὶ ὅταν ἡ αὐγὴ ἄρχισε νὰ φωτίζει τὸν οὐρανό, ὁ Ριάλ ἤξερε πὼς δὲν μποροῦσε πιὰ νὰ τὶς ἐγκαταλείψει.

(Συνεχίζεται)
